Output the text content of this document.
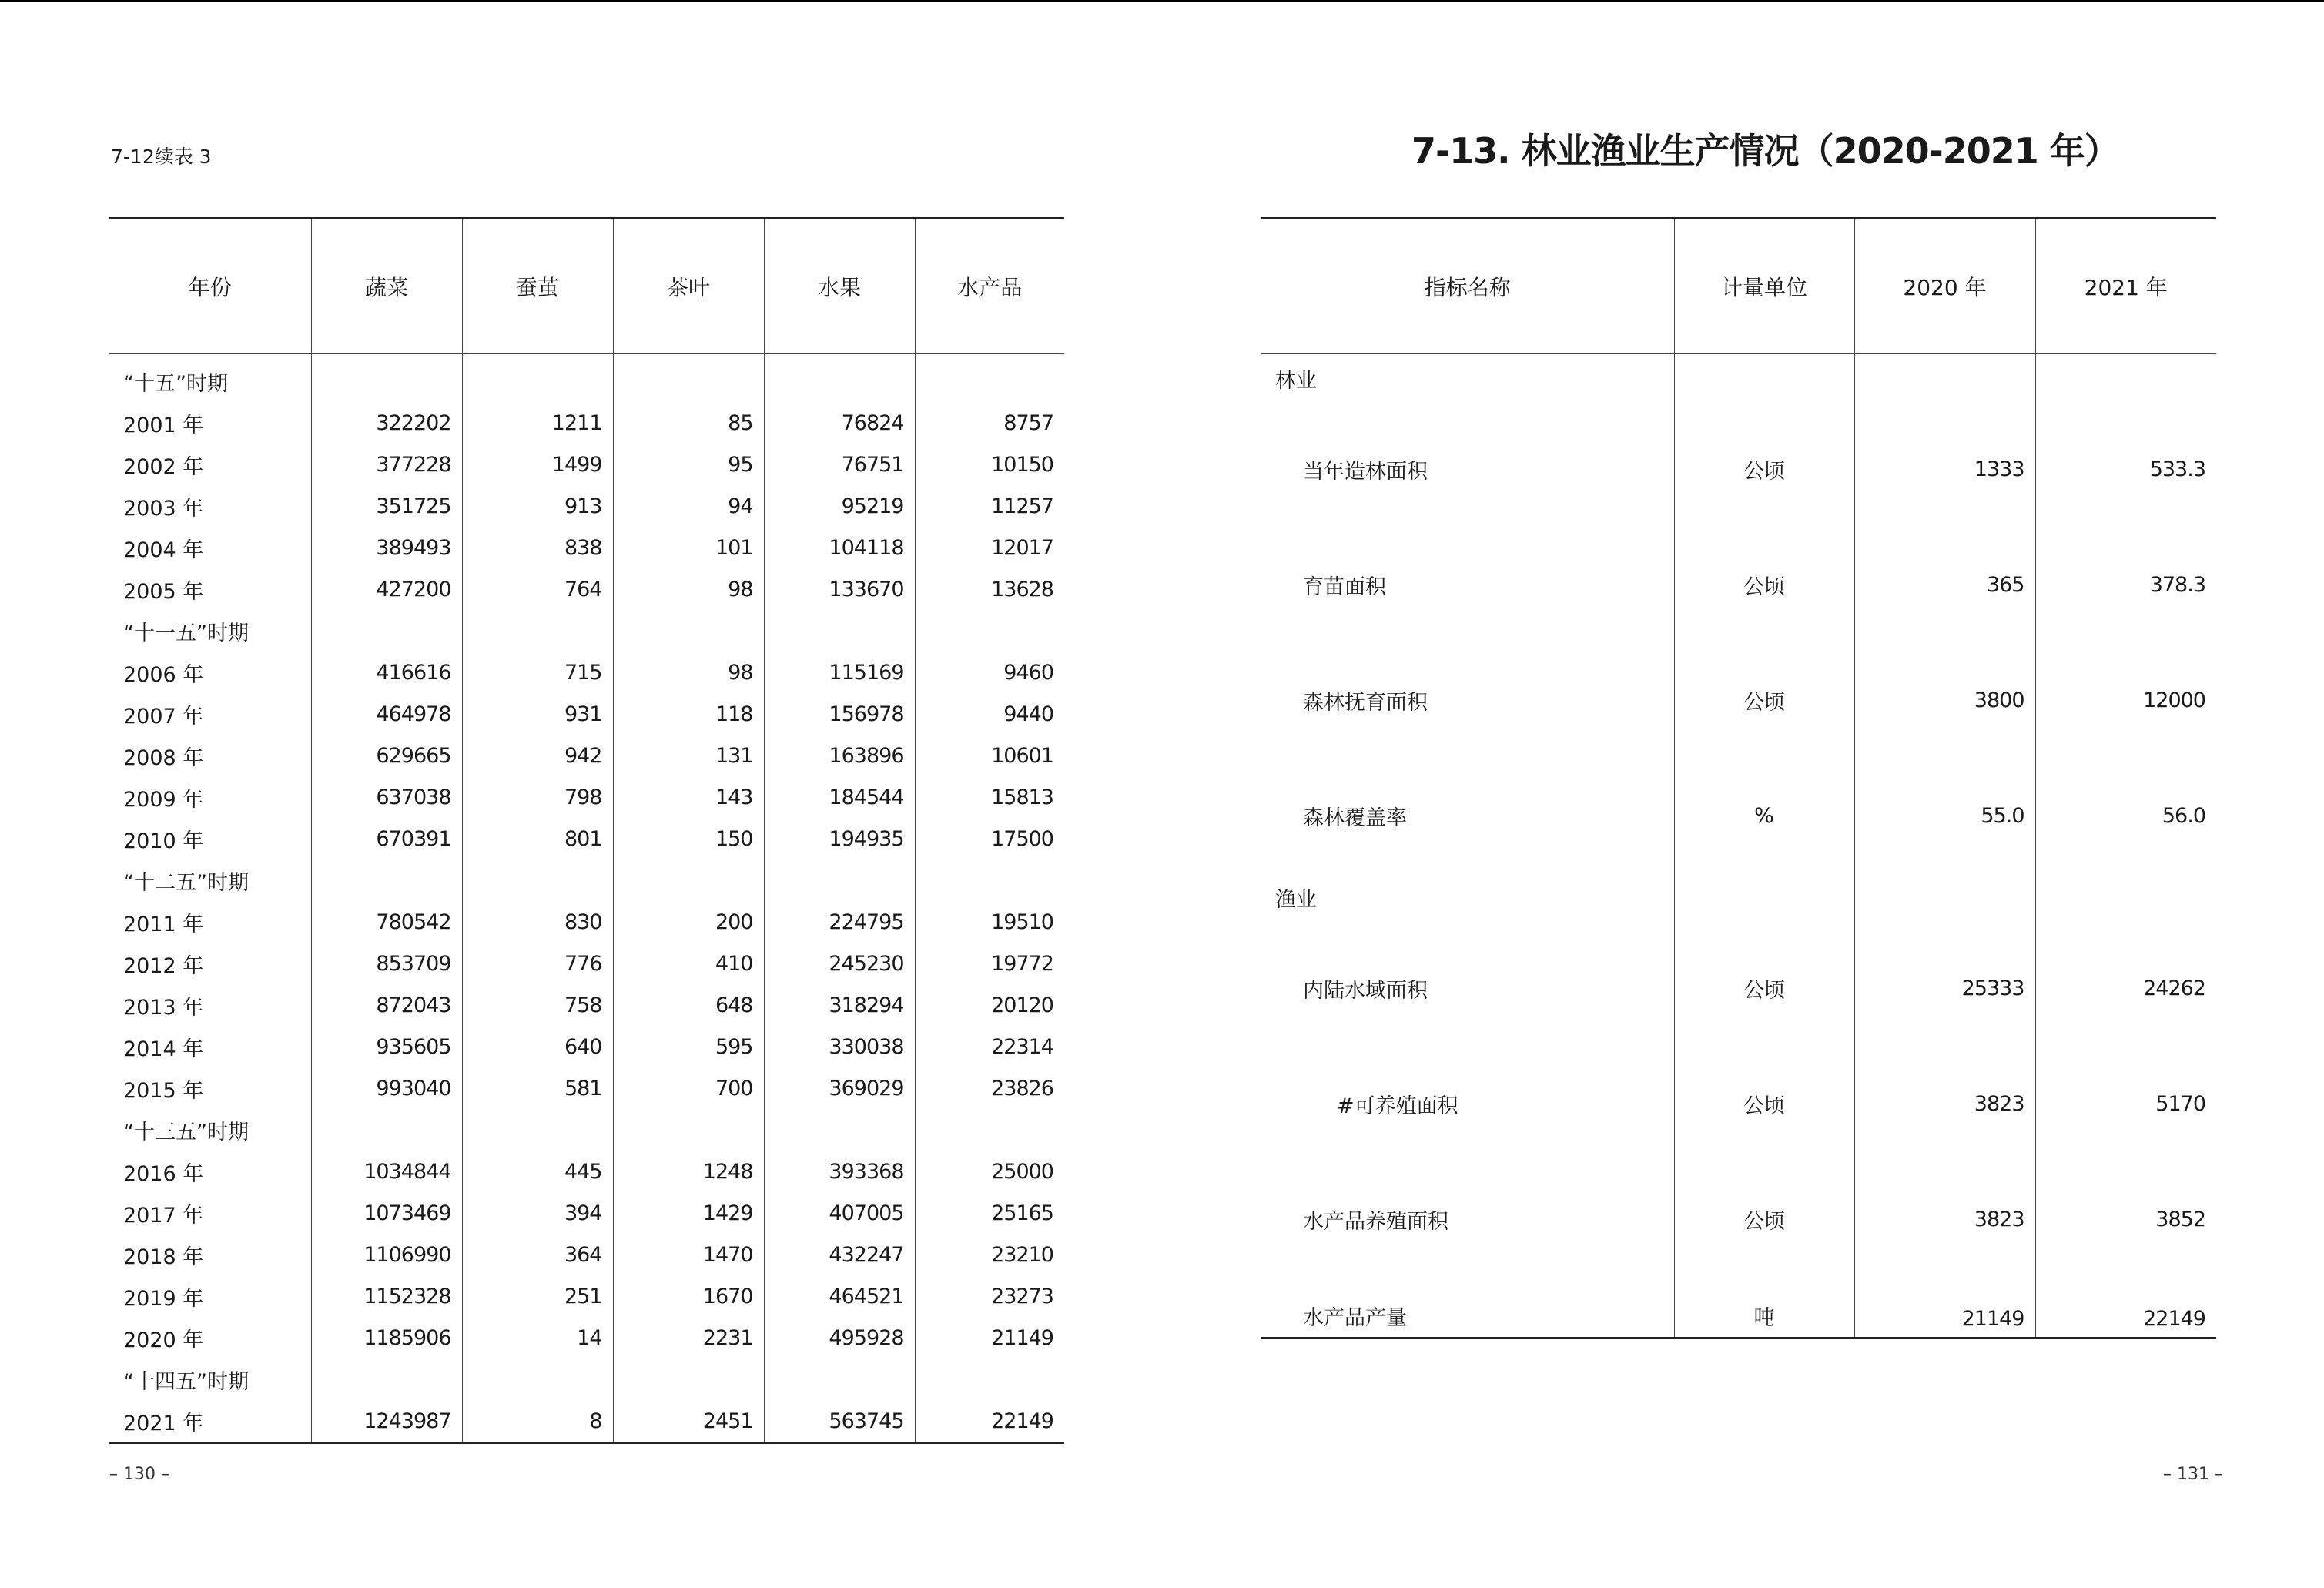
7-12续表 3
年份	蔬菜	蚕茧	茶叶	水果	水产品
“十五”时期					
2001 年	322202	1211	85	76824	8757
2002 年	377228	1499	95	76751	10150
2003 年	351725	913	94	95219	11257
2004 年	389493	838	101	104118	12017
2005 年	427200	764	98	133670	13628
“十一五”时期					
2006 年	416616	715	98	115169	9460
2007 年	464978	931	118	156978	9440
2008 年	629665	942	131	163896	10601
2009 年	637038	798	143	184544	15813
2010 年	670391	801	150	194935	17500
“十二五”时期					
2011 年	780542	830	200	224795	19510
2012 年	853709	776	410	245230	19772
2013 年	872043	758	648	318294	20120
2014 年	935605	640	595	330038	22314
2015 年	993040	581	700	369029	23826
“十三五”时期					
2016 年	1034844	445	1248	393368	25000
2017 年	1073469	394	1429	407005	25165
2018 年	1106990	364	1470	432247	23210
2019 年	1152328	251	1670	464521	23273
2020 年	1185906	14	2231	495928	21149
“十四五”时期					
2021 年	1243987	8	2451	563745	22149
– 130 –
7-13. 林业渔业生产情况（2020-2021 年）
指标名称	计量单位	2020 年	2021 年
林业			
当年造林面积	公顷	1333	533.3
育苗面积	公顷	365	378.3
森林抚育面积	公顷	3800	12000
森林覆盖率	%	55.0	56.0
渔业			
内陆水域面积	公顷	25333	24262
#可养殖面积	公顷	3823	5170
水产品养殖面积	公顷	3823	3852
水产品产量	吨	21149	22149
– 131 –
